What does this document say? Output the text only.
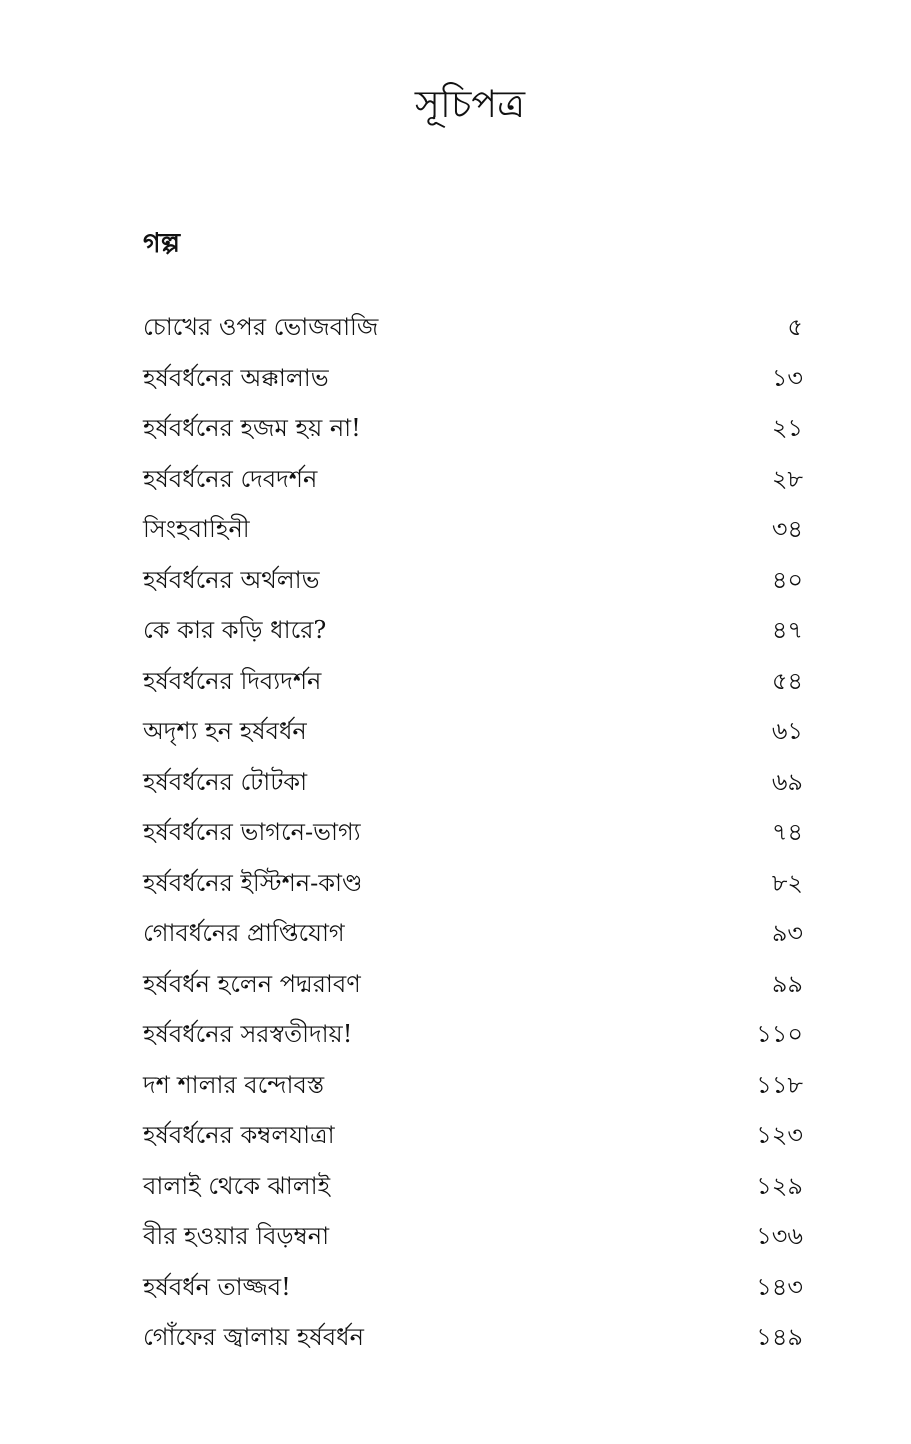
সূচিপত্র
গল্প
চোখের ওপর ভোজবাজি	৫
হর্ষবর্ধনের অক্কালাভ	১৩
হর্ষবর্ধনের হজম হয় না!	২১
হর্ষবর্ধনের দেবদর্শন	২৮
সিংহবাহিনী	৩৪
হর্ষবর্ধনের অর্থলাভ	৪০
কে কার কড়ি ধারে?	৪৭
হর্ষবর্ধনের দিব্যদর্শন	৫৪
অদৃশ্য হন হর্ষবর্ধন	৬১
হর্ষবর্ধনের টোটকা	৬৯
হর্ষবর্ধনের ভাগনে-ভাগ্য	৭৪
হর্ষবর্ধনের ইস্টিশন-কাণ্ড	৮২
গোবর্ধনের প্রাপ্তিযোগ	৯৩
হর্ষবর্ধন হলেন পদ্মরাবণ	৯৯
হর্ষবর্ধনের সরস্বতীদায়!	১১০
দশ শালার বন্দোবস্ত	১১৮
হর্ষবর্ধনের কম্বলযাত্রা	১২৩
বালাই থেকে ঝালাই	১২৯
বীর হওয়ার বিড়ম্বনা	১৩৬
হর্ষবর্ধন তাজ্জব!	১৪৩
গোঁফের জ্বালায় হর্ষবর্ধন	১৪৯
